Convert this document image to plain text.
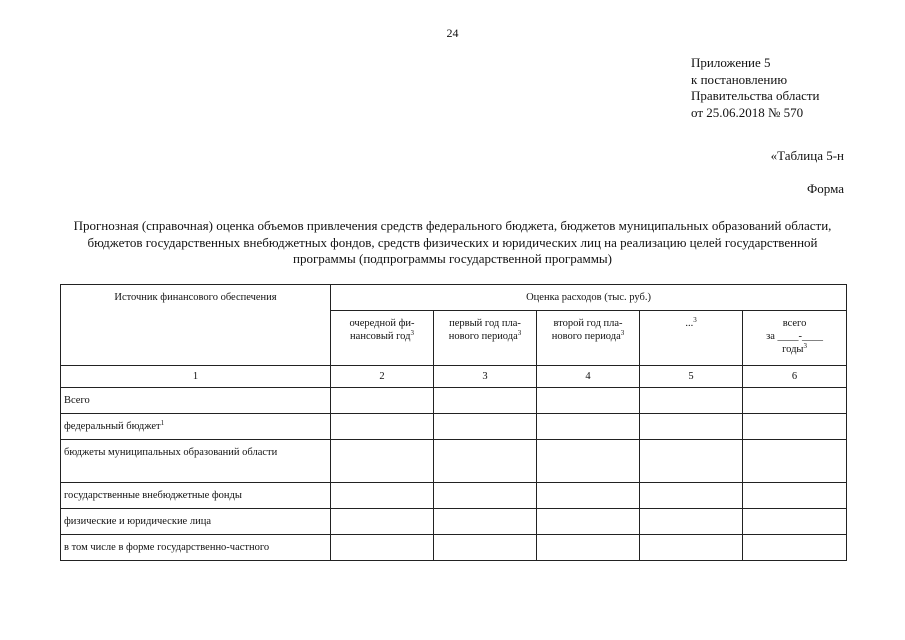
24
Приложение 5
к постановлению
Правительства области
от 25.06.2018 № 570
«Таблица 5-н
Форма
Прогнозная (справочная) оценка объемов привлечения средств федерального бюджета, бюджетов муниципальных образований области, бюджетов государственных внебюджетных фондов, средств физических и юридических лиц на реализацию целей государственной программы (подпрограммы государственной программы)
Источник финансового обеспечения	Оценка расходов (тыс. руб.)				
	очередной фи- нансовый год$^3$	первый год пла- нового периода$^3$	второй год пла- нового периода$^3$	...$^3$	всего
за ____-____
годы$^3$

1	2	3	4	5	6
Всего					
федеральный бюджет$^1$					
бюджеты муниципальных образований области					
государственные внебюджетные фонды					
физические и юридические лица					
в том числе в форме государственно-частного					
